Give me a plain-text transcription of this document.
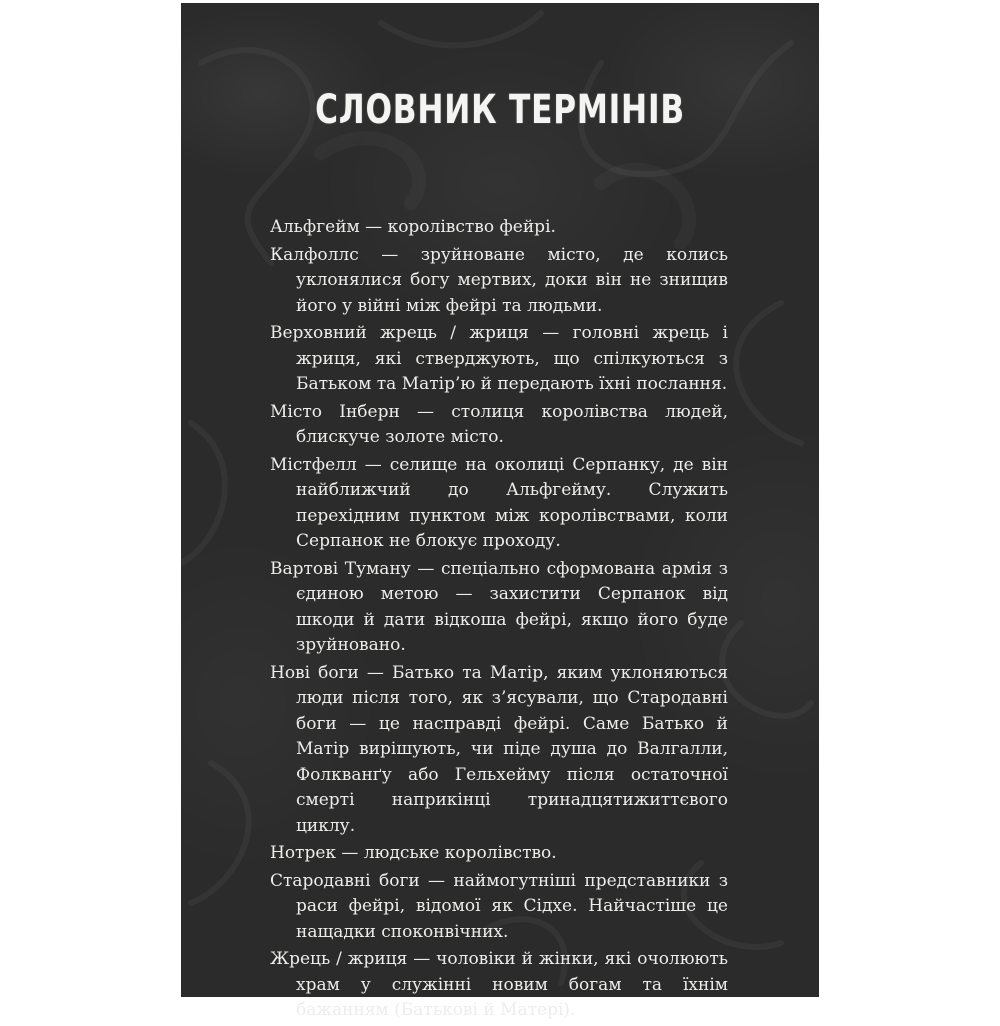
СЛОВНИК ТЕРМІНІВ

Альфгейм — королівство фейрі.

Калфоллс — зруйноване місто, де колись уклонялися богу мертвих, доки він не знищив його у війні між фейрі та людьми.

Верховний жрець / жриця — головні жрець і жриця, які стверджують, що спілкуються з Батьком та Матір’ю й передають їхні послання.

Місто Інберн — столиця королівства людей, блискуче золоте місто.

Містфелл — селище на околиці Серпанку, де він найближчий до Альфгейму. Служить перехідним пунктом між королівствами, коли Серпанок не блокує проходу.

Вартові Туману — спеціально сформована армія з єдиною метою — захистити Серпанок від шкоди й дати відкоша фейрі, якщо його буде зруйновано.

Нові боги — Батько та Матір, яким уклоняються люди після того, як з’ясували, що Стародавні боги — це насправді фейрі. Саме Батько й Матір вирішують, чи піде душа до Валгалли, Фолкванґу або Гельхейму після остаточної смерті наприкінці тринадцятижиттєвого циклу.

Нотрек — людське королівство.

Стародавні боги — наймогутніші представники з раси фейрі, відомої як Сідхе. Найчастіше це нащадки споконвічних.

Жрець / жриця — чоловіки й жінки, які очолюють храм у служінні новим богам та їхнім бажанням (Батькові й Матері).
